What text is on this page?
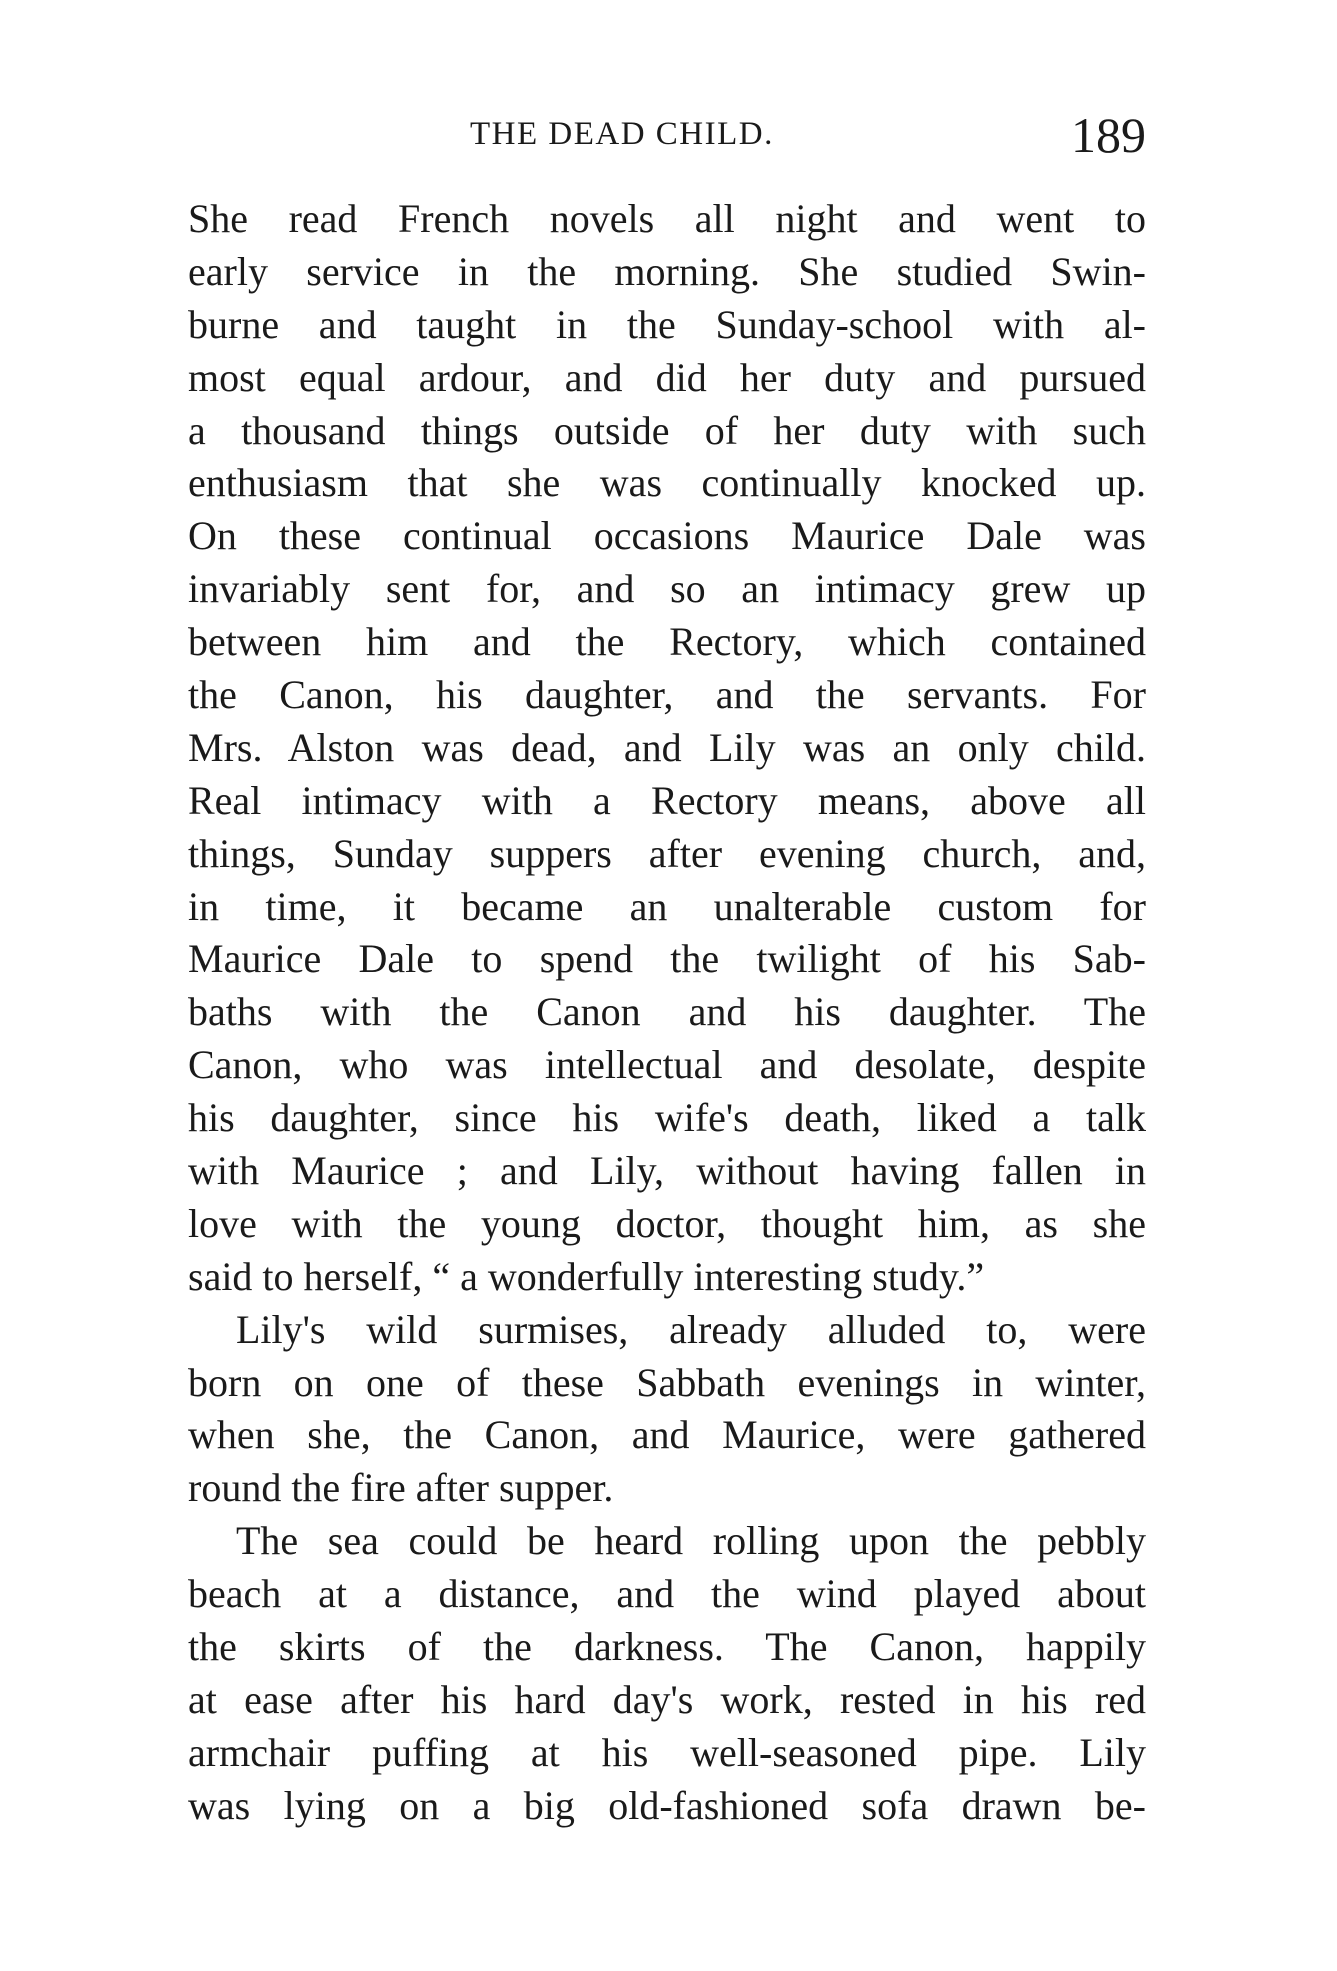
THE DEAD CHILD.	189
She read French novels all night and went to
early service in the morning. She studied Swin-
burne and taught in the Sunday-school with al-
most equal ardour, and did her duty and pursued
a thousand things outside of her duty with such
enthusiasm that she was continually knocked up.
On these continual occasions Maurice Dale was
invariably sent for, and so an intimacy grew up
between him and the Rectory, which contained
the Canon, his daughter, and the servants. For
Mrs. Alston was dead, and Lily was an only child.
Real intimacy with a Rectory means, above all
things, Sunday suppers after evening church, and,
in time, it became an unalterable custom for
Maurice Dale to spend the twilight of his Sab-
baths with the Canon and his daughter. The
Canon, who was intellectual and desolate, despite
his daughter, since his wife's death, liked a talk
with Maurice ; and Lily, without having fallen in
love with the young doctor, thought him, as she
said to herself, “ a wonderfully interesting study.”
Lily's wild surmises, already alluded to, were
born on one of these Sabbath evenings in winter,
when she, the Canon, and Maurice, were gathered
round the fire after supper.
The sea could be heard rolling upon the pebbly
beach at a distance, and the wind played about
the skirts of the darkness. The Canon, happily
at ease after his hard day's work, rested in his red
armchair puffing at his well-seasoned pipe. Lily
was lying on a big old-fashioned sofa drawn be-
